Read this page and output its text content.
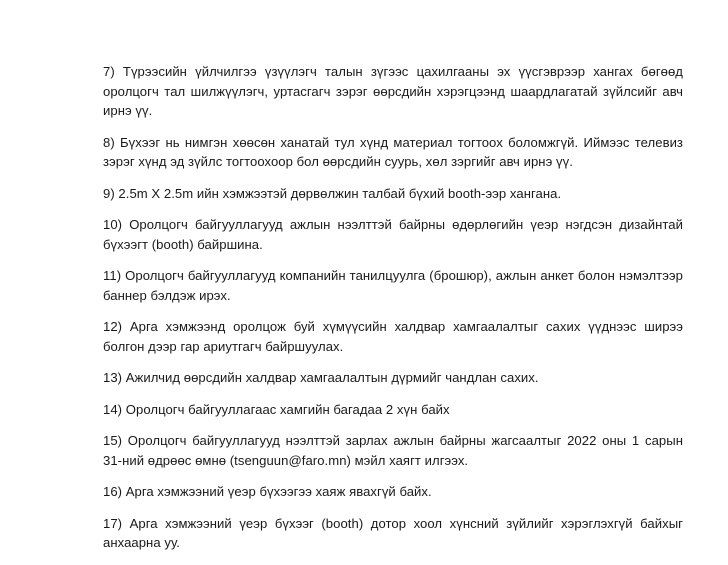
7) Түрээсийн үйлчилгээ үзүүлэгч талын зүгээс цахилгааны эх үүсгэврээр хангах бөгөөд оролцогч тал шилжүүлэгч, уртасгагч зэрэг өөрсдийн хэрэгцээнд шаардлагатай зүйлсийг авч ирнэ үү.

8) Бүхээг нь нимгэн хөөсөн ханатай тул хүнд материал тогтоох боломжгүй. Иймээс телевиз зэрэг хүнд эд зүйлс тогтоохоор бол өөрсдийн суурь, хөл зэргийг авч ирнэ үү.

9) 2.5m X 2.5m ийн хэмжээтэй дөрвөлжин талбай бүхий booth-ээр хангана.

10) Оролцогч байгууллагууд ажлын нээлттэй байрны өдөрлөгийн үеэр нэгдсэн дизайнтай бүхээгт (booth) байршина.

11) Оролцогч байгууллагууд компанийн танилцуулга (брошюр), ажлын анкет болон нэмэлтээр баннер бэлдэж ирэх.

12) Арга хэмжээнд оролцож буй хүмүүсийн халдвар хамгаалалтыг сахих үүднээс ширээ болгон дээр гар ариутгагч байршуулах.

13) Ажилчид өөрсдийн халдвар хамгаалалтын дүрмийг чандлан сахих.

14) Оролцогч байгууллагаас хамгийн багадаа 2 хүн байх

15) Оролцогч байгууллагууд нээлттэй зарлах ажлын байрны жагсаалтыг 2022 оны 1 сарын 31-ний өдрөөс өмнө (tsenguun@faro.mn) мэйл хаягт илгээх.

16) Арга хэмжээний үеэр бүхээгээ хаяж явахгүй байх.

17) Арга хэмжээний үеэр бүхээг (booth) дотор хоол хүнсний зүйлийг хэрэглэхгүй байхыг анхаарна уу.
